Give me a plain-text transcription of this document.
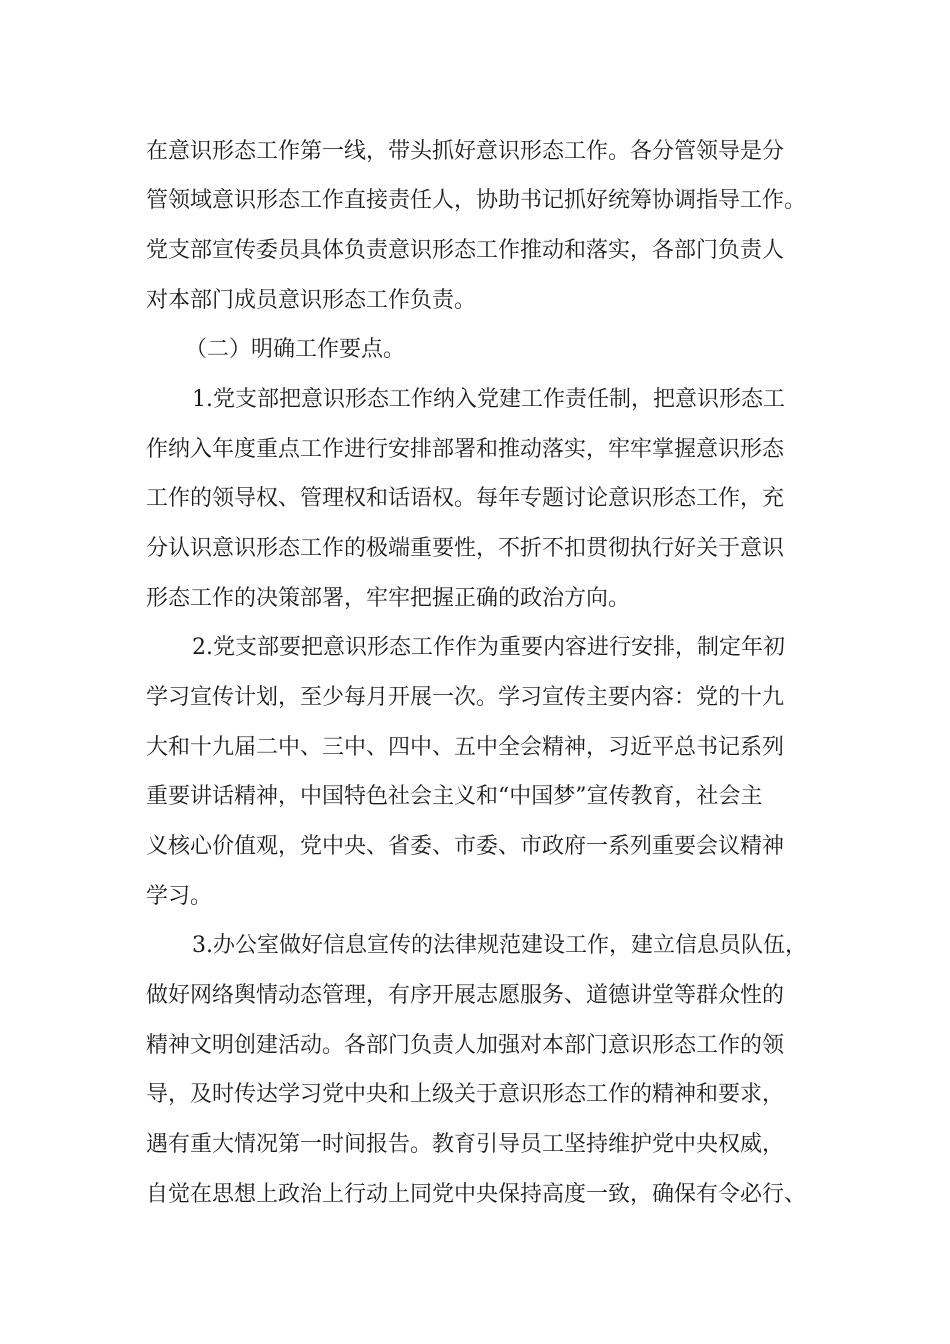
在意识形态工作第一线，带头抓好意识形态工作。各分管领导是分
管领域意识形态工作直接责任人，协助书记抓好统筹协调指导工作。
党支部宣传委员具体负责意识形态工作推动和落实，各部门负责人
对本部门成员意识形态工作负责。
（二）明确工作要点。
1.党支部把意识形态工作纳入党建工作责任制，把意识形态工
作纳入年度重点工作进行安排部署和推动落实，牢牢掌握意识形态
工作的领导权、管理权和话语权。每年专题讨论意识形态工作，充
分认识意识形态工作的极端重要性，不折不扣贯彻执行好关于意识
形态工作的决策部署，牢牢把握正确的政治方向。
2.党支部要把意识形态工作作为重要内容进行安排，制定年初
学习宣传计划，至少每月开展一次。学习宣传主要内容：党的十九
大和十九届二中、三中、四中、五中全会精神，习近平总书记系列
重要讲话精神，中国特色社会主义和“中国梦”宣传教育，社会主
义核心价值观，党中央、省委、市委、市政府一系列重要会议精神
学习。
3.办公室做好信息宣传的法律规范建设工作，建立信息员队伍，
做好网络舆情动态管理，有序开展志愿服务、道德讲堂等群众性的
精神文明创建活动。各部门负责人加强对本部门意识形态工作的领
导，及时传达学习党中央和上级关于意识形态工作的精神和要求，
遇有重大情况第一时间报告。教育引导员工坚持维护党中央权威，
自觉在思想上政治上行动上同党中央保持高度一致，确保有令必行、
